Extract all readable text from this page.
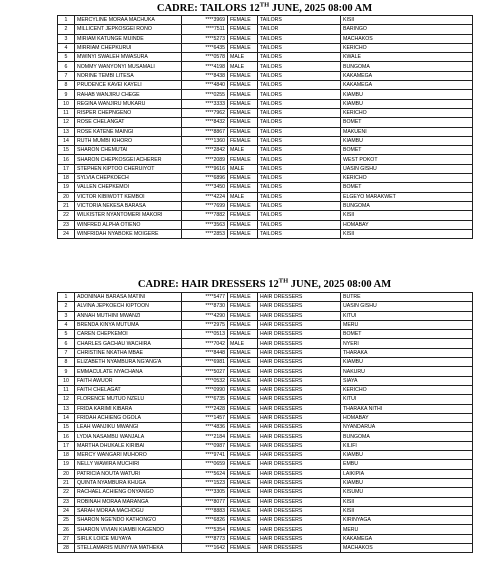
CADRE: TAILORS 12TH JUNE, 2025 08:00 AM
1	MERCYLINE MORAA MACHUKA	****3969	FEMALE	TAILORS	KISII
2	MILLICENT JEPKOSGEI RONO	****7511	FEMALE	TAILOR	BARINGO
3	MIRIAM KATUNGE MUINDE	****5273	FEMALE	TAILORS	MACHAKOS
4	MIRRIAM CHEPKURUI	****6435	FEMALE	TAILORS	KERICHO
5	MWINYI SWALEH MWASURA	****0578	MALE	TAILORS	KWALE
6	NOMMY WANYONYI MUSAMALI	****4198	MALE	TAILORS	BUNGOMA
7	NORINE TEMBI LITESA	****8438	FEMALE	TAILORS	KAKAMEGA
8	PRUDENCE KAVEI KAYELI	****4840	FEMALE	TAILORS	KAKAMEGA
9	RAHAB WANJIRU CHEGE	****0255	FEMALE	TAILORS	KIAMBU
10	REGINA WANJIRU MUKARU	****3333	FEMALE	TAILORS	KIAMBU
11	RISPER CHEPNGENO	****7962	FEMALE	TAILORS	KERICHO
12	ROSE CHELANGAT	****8432	FEMALE	TAILORS	BOMET
13	ROSE KATENE MAINGI	****8867	FEMALE	TAILORS	MAKUENI
14	RUTH MUMBI KIHORO	****1360	FEMALE	TAILORS	KIAMBU
15	SHARON CHEMUTAI	****2842	MALE	TAILORS	BOMET
16	SHARON CHEPKOSGEI ACHERER	****2089	FEMALE	TAILORS	WEST POKOT
17	STEPHEN KIPTOO CHERUIYOT	****9616	MALE	TAILORS	UASIN GISHU
18	SYLVIA CHEPKOECH	****6896	FEMALE	TAILORS	KERICHO
19	VALLEN CHEPKEMOI	****3450	FEMALE	TAILORS	BOMET
20	VICTOR KIBIWOTT KEMBOI	****4224	MALE	TAILORS	ELGEYO MARAKWET
21	VICTORIA NEKESA BARASA	****7699	FEMALE	TAILORS	BUNGOMA
22	WILKISTER NYANTOMERI MAKORI	****7882	FEMALE	TAILORS	KISII
23	WINFRED ALPHA OTIENO	****3563	FEMALE	TAILORS	HOMABAY
24	WINFRIDAH NYABOKE MOIGERE	****2853	FEMALE	TAILORS	KISII
CADRE: HAIR DRESSERS 12TH JUNE, 2025 08:00 AM
1	ADONINAH BARASA MATINI	****5477	FEMALE	HAIR DRESSERS	BUTRE
2	ALVINA JEPKOECH KIPTOON	****8730	FEMALE	HAIR DRESSERS	UASIN GISHU
3	ANNAH MUTHINI MWANZI	****4290	FEMALE	HAIR DRESSERS	KITUI
4	BRENDA KINYA MUTUMA	****2975	FEMALE	HAIR DRESSERS	MERU
5	CAREN CHEPKEMOI	****0513	FEMALE	HAIR DRESSERS	BOMET
6	CHARLES GACHAU WACHIRA	****7042	MALE	HAIR DRESSERS	NYERI
7	CHRISTINE NKATHA MBAE	****8448	FEMALE	HAIR DRESSERS	THARAKA
8	ELIZABETH NYAMBURA NG'ANG'A	****6981	FEMALE	HAIR DRESSERS	KIAMBU
9	EMMACULATE NYACHANA	****5027	FEMALE	HAIR DRESSERS	NAKURU
10	FAITH AWUOR	****0532	FEMALE	HAIR DRESSERS	SIAYA
11	FAITH CHELAGAT	****0990	FEMALE	HAIR DRESSERS	KERICHO
12	FLORENCE MUTUO NZELU	****6735	FEMALE	HAIR DRESSERS	KITUI
13	FRIDA KARIMI KIBARA	****2428	FEMALE	HAIR DRESSERS	THARAKA NITHI
14	FRIDAH ACHIENG OGOLA	****1457	FEMALE	HAIR DRESSERS	HOMABAY
15	LEAH WANJIKU MWANGI	****4836	FEMALE	HAIR DRESSERS	NYANDARUA
16	LYDIA NASAMBU WANJALA	****2184	FEMALE	HAIR DRESSERS	BUNGOMA
17	MARTHA DHUKALE KIRIBAI	****0987	FEMALE	HAIR DRESSERS	KILIFI
18	MERCY WANGARI MUHORO	****9741	FEMALE	HAIR DRESSERS	KIAMBU
19	NELLY WAWIRA MUCHIRI	****0659	FEMALE	HAIR DRESSERS	EMBU
20	PATRICIA NOUTA WATURI	****5624	FEMALE	HAIR DRESSERS	LAIKIPIA
21	QUINTA NYAMBURA KHUGA	****1523	FEMALE	HAIR DRESSERS	KIAMBU
22	RACHAEL ACHIENG ONYANGO	****3305	FEMALE	HAIR DRESSERS	KISUMU
23	ROBINAH MORAA MARANGA	****8077	FEMALE	HAIR DRESSERS	KISII
24	SARAH MORAA MACHOGU	****8883	FEMALE	HAIR DRESSERS	KISII
25	SHARON NGE'NDO KATHONG'O	****6826	FEMALE	HAIR DRESSERS	KIRINYAGA
26	SHARON VIVIAN KIAMBI KAGENDO	****5354	FEMALE	HAIR DRESSERS	MERU
27	SIRLK LOICE MUYAYA	****8773	FEMALE	HAIR DRESSERS	KAKAMEGA
28	STELLAMARIS MUNYIVA MATHEKA	****1642	FEMALE	HAIR DRESSERS	MACHAKOS
